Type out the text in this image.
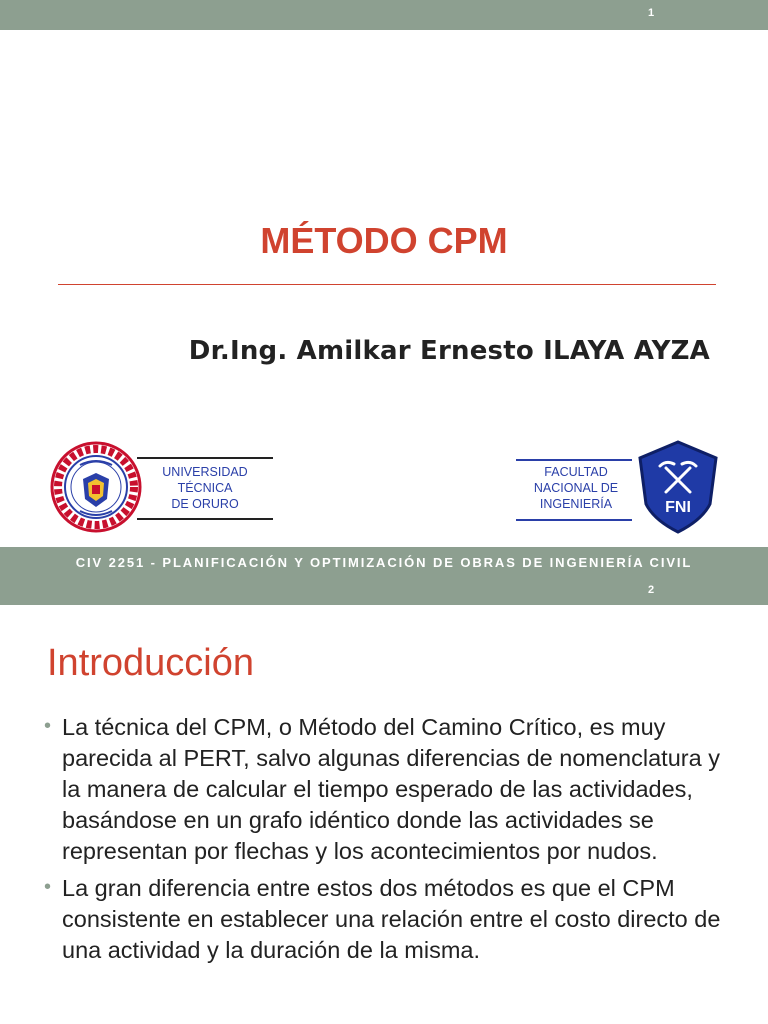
1
MÉTODO CPM
Dr.Ing. Amilkar Ernesto ILAYA AYZA
UNIVERSIDAD
TÉCNICA
DE ORURO
FACULTAD
NACIONAL DE
INGENIERÍA	FNI
CIV 2251 - PLANIFICACIÓN Y OPTIMIZACIÓN DE OBRAS DE INGENIERÍA CIVIL
2
Introducción
• La técnica del CPM, o Método del Camino Crítico, es muy parecida al PERT, salvo algunas diferencias de nomenclatura y la manera de calcular el tiempo esperado de las actividades, basándose en un grafo idéntico donde las actividades se representan por flechas y los acontecimientos por nudos.
• La gran diferencia entre estos dos métodos es que el CPM consistente en establecer una relación entre el costo directo de una actividad y la duración de la misma.
